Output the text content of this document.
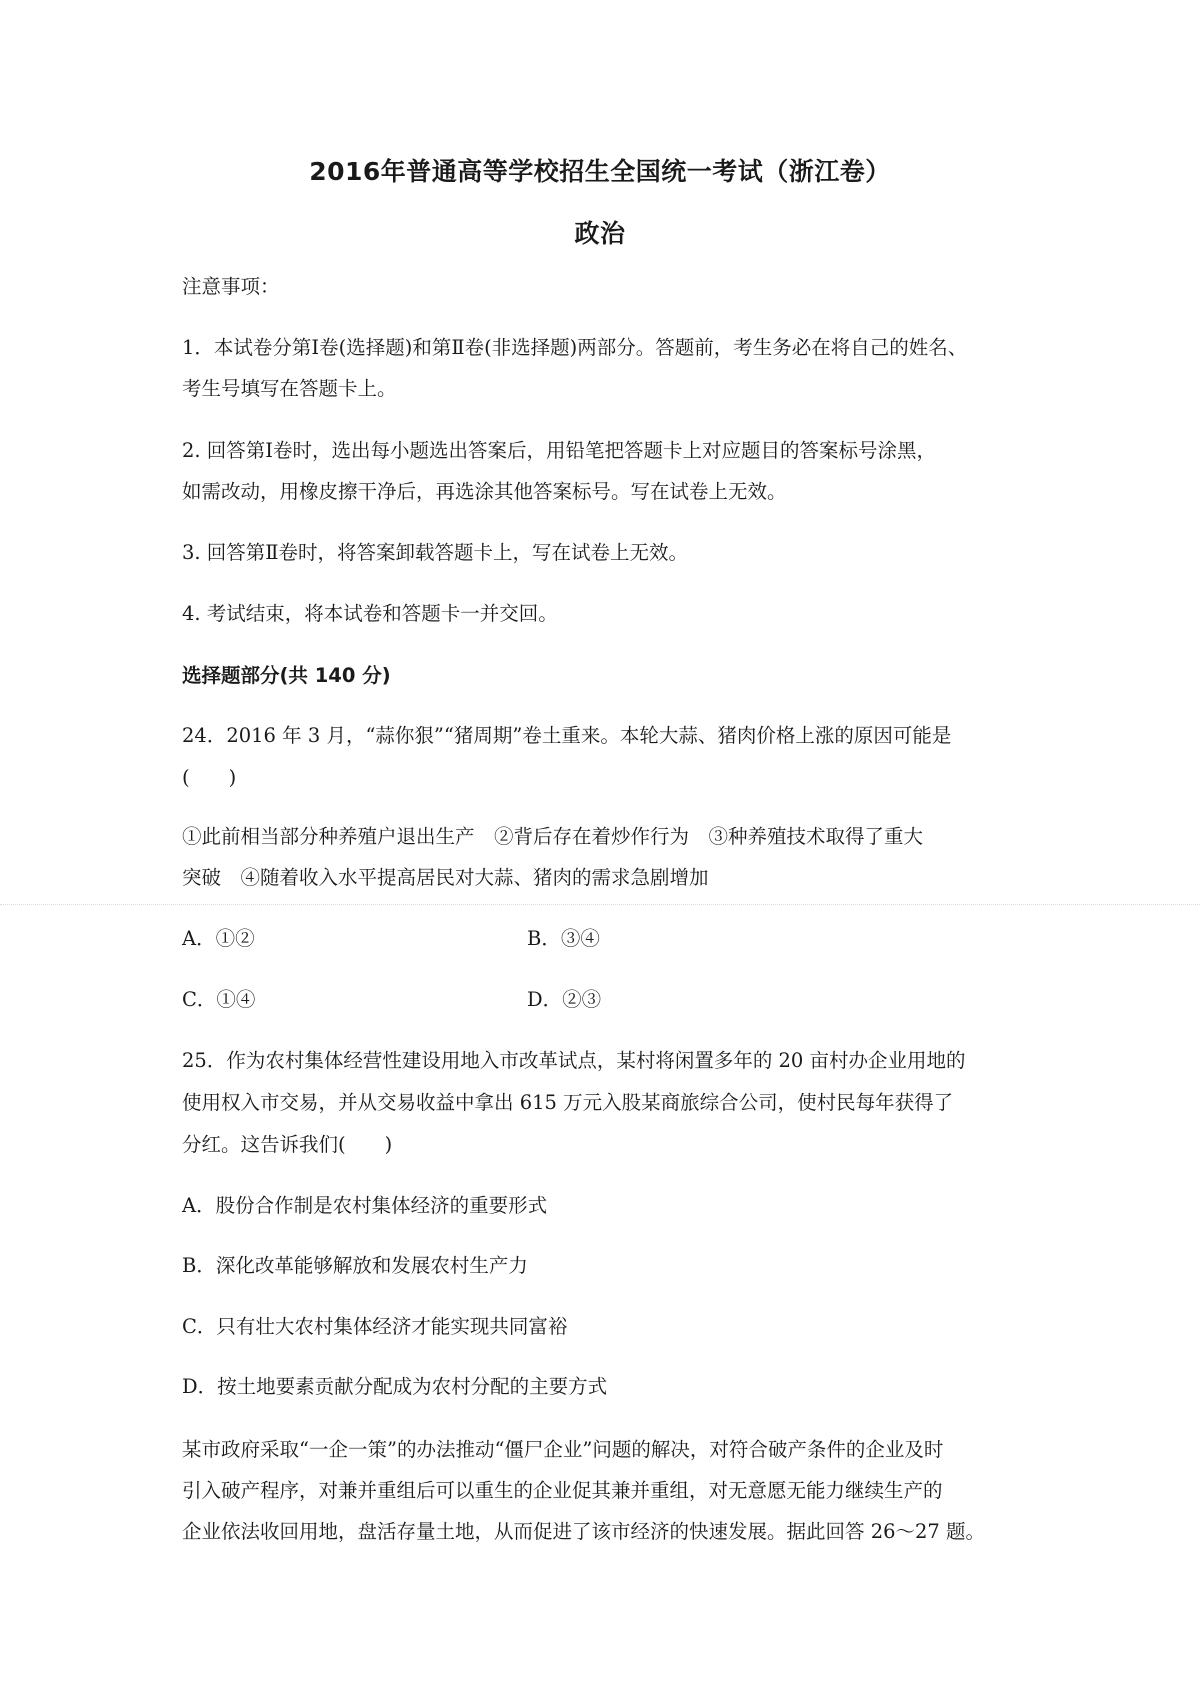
2016年普通高等学校招生全国统一考试（浙江卷）
政治
注意事项：
1．本试卷分第Ⅰ卷(选择题)和第Ⅱ卷(非选择题)两部分。答题前，考生务必在将自己的姓名、
考生号填写在答题卡上。
2. 回答第Ⅰ卷时，选出每小题选出答案后，用铅笔把答题卡上对应题目的答案标号涂黑，
如需改动，用橡皮擦干净后，再选涂其他答案标号。写在试卷上无效。
3. 回答第Ⅱ卷时，将答案卸载答题卡上，写在试卷上无效。
4. 考试结束，将本试卷和答题卡一并交回。
选择题部分(共 140 分)
24．2016 年 3 月，“蒜你狠”“猪周期”卷土重来。本轮大蒜、猪肉价格上涨的原因可能是
(　　)
①此前相当部分种养殖户退出生产　②背后存在着炒作行为　③种养殖技术取得了重大
突破　④随着收入水平提高居民对大蒜、猪肉的需求急剧增加
A．①②	B．③④
C．①④	D．②③
25．作为农村集体经营性建设用地入市改革试点，某村将闲置多年的 20 亩村办企业用地的
使用权入市交易，并从交易收益中拿出 615 万元入股某商旅综合公司，使村民每年获得了
分红。这告诉我们(　　)
A．股份合作制是农村集体经济的重要形式
B．深化改革能够解放和发展农村生产力
C．只有壮大农村集体经济才能实现共同富裕
D．按土地要素贡献分配成为农村分配的主要方式
某市政府采取“一企一策”的办法推动“僵尸企业”问题的解决，对符合破产条件的企业及时
引入破产程序，对兼并重组后可以重生的企业促其兼并重组，对无意愿无能力继续生产的
企业依法收回用地，盘活存量土地，从而促进了该市经济的快速发展。据此回答 26～27 题。
